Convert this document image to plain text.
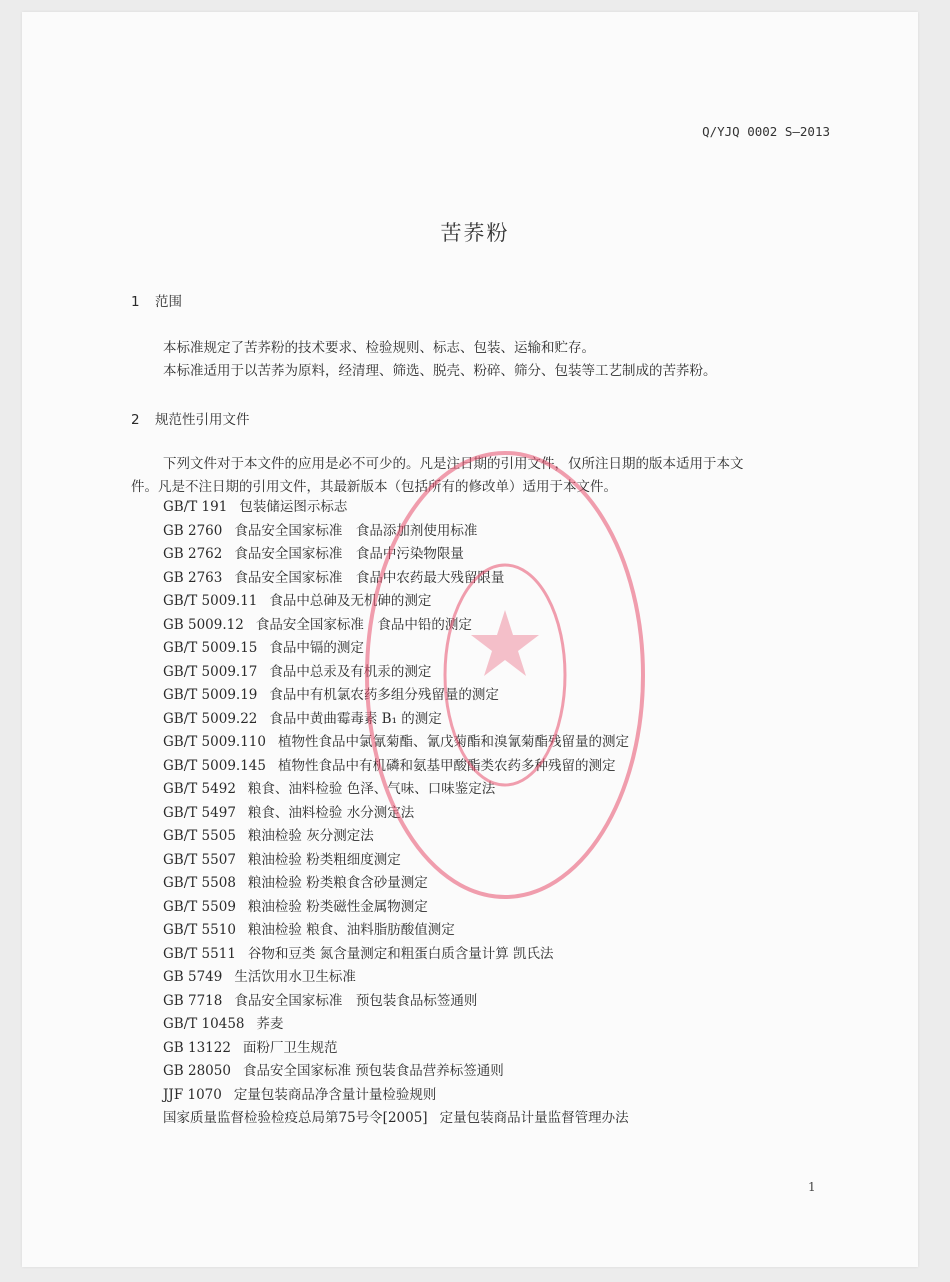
Q/YJQ 0002 S—2013
苦荞粉
1 范围
本标准规定了苦荞粉的技术要求、检验规则、标志、包装、运输和贮存。
本标准适用于以苦荞为原料，经清理、筛选、脱壳、粉碎、筛分、包装等工艺制成的苦荞粉。
2 规范性引用文件
下列文件对于本文件的应用是必不可少的。凡是注日期的引用文件，仅所注日期的版本适用于本文
件。凡是不注日期的引用文件，其最新版本（包括所有的修改单）适用于本文件。
GB/T 191 包装储运图示标志
GB 2760 食品安全国家标准　食品添加剂使用标准
GB 2762 食品安全国家标准　食品中污染物限量
GB 2763 食品安全国家标准　食品中农药最大残留限量
GB/T 5009.11 食品中总砷及无机砷的测定
GB 5009.12 食品安全国家标准　食品中铅的测定
GB/T 5009.15 食品中镉的测定
GB/T 5009.17 食品中总汞及有机汞的测定
GB/T 5009.19 食品中有机氯农药多组分残留量的测定
GB/T 5009.22 食品中黄曲霉毒素 B₁ 的测定
GB/T 5009.110 植物性食品中氯氰菊酯、氰戊菊酯和溴氰菊酯残留量的测定
GB/T 5009.145 植物性食品中有机磷和氨基甲酸酯类农药多种残留的测定
GB/T 5492 粮食、油料检验 色泽、气味、口味鉴定法
GB/T 5497 粮食、油料检验 水分测定法
GB/T 5505 粮油检验 灰分测定法
GB/T 5507 粮油检验 粉类粗细度测定
GB/T 5508 粮油检验 粉类粮食含砂量测定
GB/T 5509 粮油检验 粉类磁性金属物测定
GB/T 5510 粮油检验 粮食、油料脂肪酸值测定
GB/T 5511 谷物和豆类 氮含量测定和粗蛋白质含量计算 凯氏法
GB 5749 生活饮用水卫生标准
GB 7718 食品安全国家标准　预包装食品标签通则
GB/T 10458 荞麦
GB 13122 面粉厂卫生规范
GB 28050 食品安全国家标准 预包装食品营养标签通则
JJF 1070 定量包装商品净含量计量检验规则
国家质量监督检验检疫总局第75号令[2005] 定量包装商品计量监督管理办法
1
